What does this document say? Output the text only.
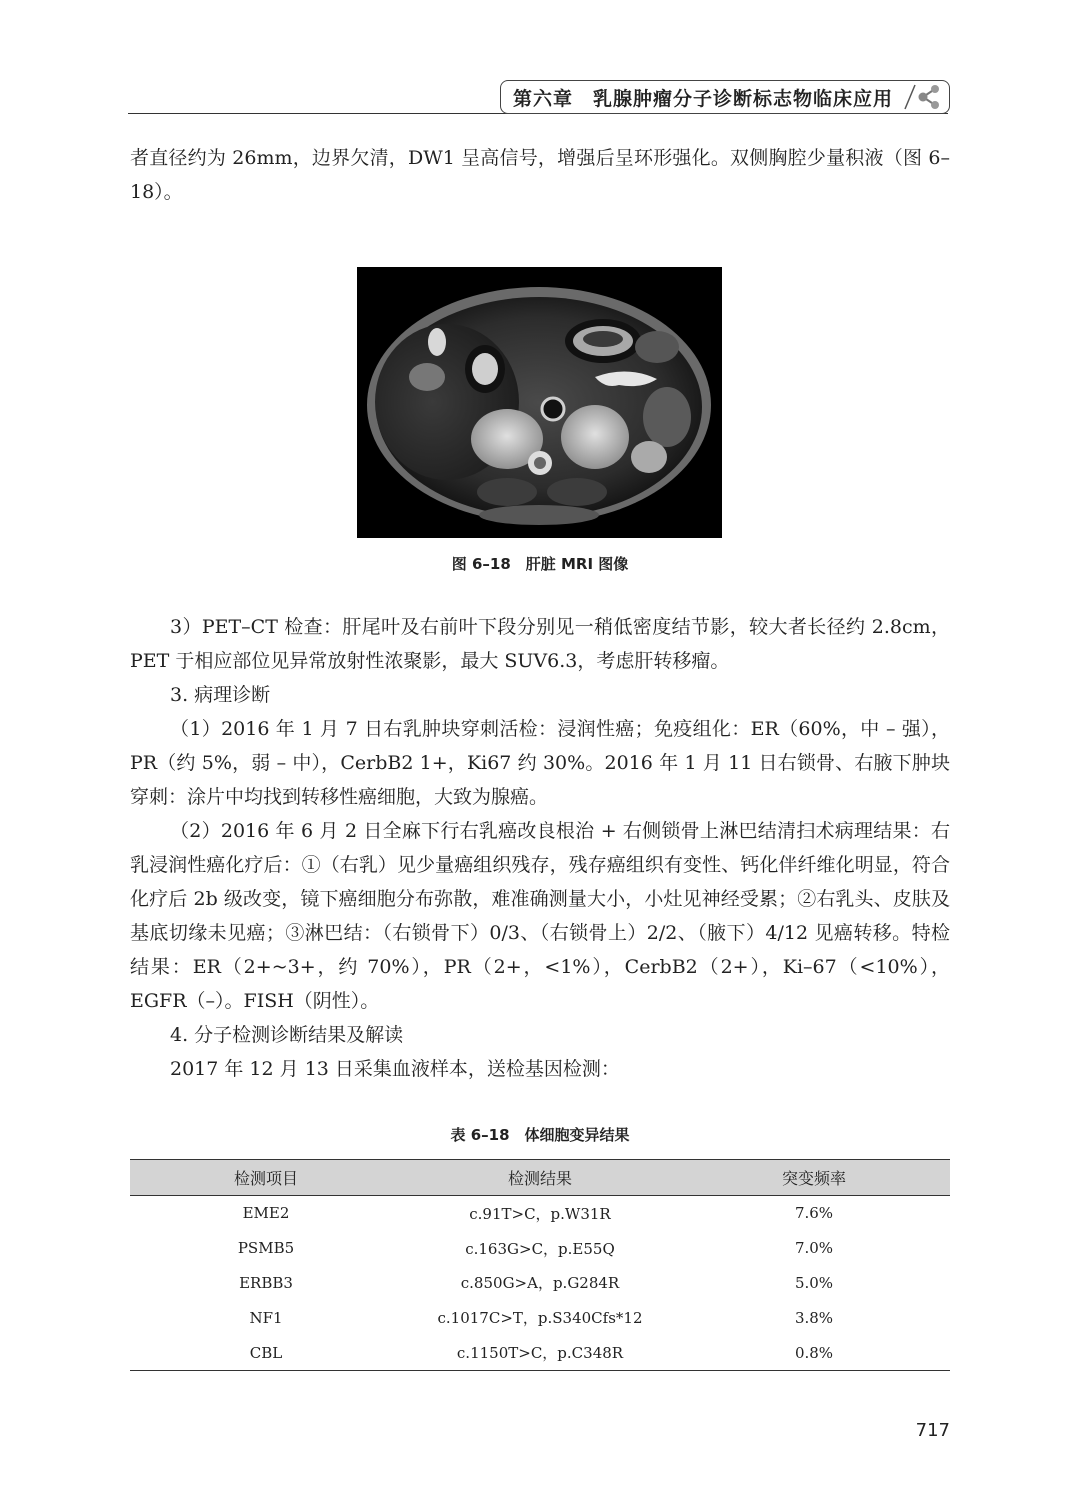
第六章　乳腺肿瘤分子诊断标志物临床应用

者直径约为 26mm，边界欠清，DW1 呈高信号，增强后呈环形强化。双侧胸腔少量积液（图 6–18）。

图 6–18　肝脏 MRI 图像

3）PET–CT 检查：肝尾叶及右前叶下段分别见一稍低密度结节影，较大者长径约 2.8cm，PET 于相应部位见异常放射性浓聚影，最大 SUV6.3，考虑肝转移瘤。

3. 病理诊断

（1）2016 年 1 月 7 日右乳肿块穿刺活检：浸润性癌；免疫组化：ER（60%，中 – 强），PR（约 5%，弱 – 中），CerbB2 1+，Ki67 约 30%。2016 年 1 月 11 日右锁骨、右腋下肿块穿刺：涂片中均找到转移性癌细胞，大致为腺癌。

（2）2016 年 6 月 2 日全麻下行右乳癌改良根治 + 右侧锁骨上淋巴结清扫术病理结果：右乳浸润性癌化疗后：①（右乳）见少量癌组织残存，残存癌组织有变性、钙化伴纤维化明显，符合化疗后 2b 级改变，镜下癌细胞分布弥散，难准确测量大小，小灶见神经受累；②右乳头、皮肤及基底切缘未见癌；③淋巴结：（右锁骨下）0/3、（右锁骨上）2/2、（腋下）4/12 见癌转移。特检结果：ER（2+~3+，约 70%），PR（2+，<1%），CerbB2（2+），Ki–67（<10%），EGFR（–）。FISH（阴性）。

4. 分子检测诊断结果及解读

2017 年 12 月 13 日采集血液样本，送检基因检测：

表 6–18　体细胞变异结果
检测项目	检测结果	突变频率
EME2	c.91T>C，p.W31R	7.6%
PSMB5	c.163G>C，p.E55Q	7.0%
ERBB3	c.850G>A，p.G284R	5.0%
NF1	c.1017C>T，p.S340Cfs*12	3.8%
CBL	c.1150T>C，p.C348R	0.8%
717
